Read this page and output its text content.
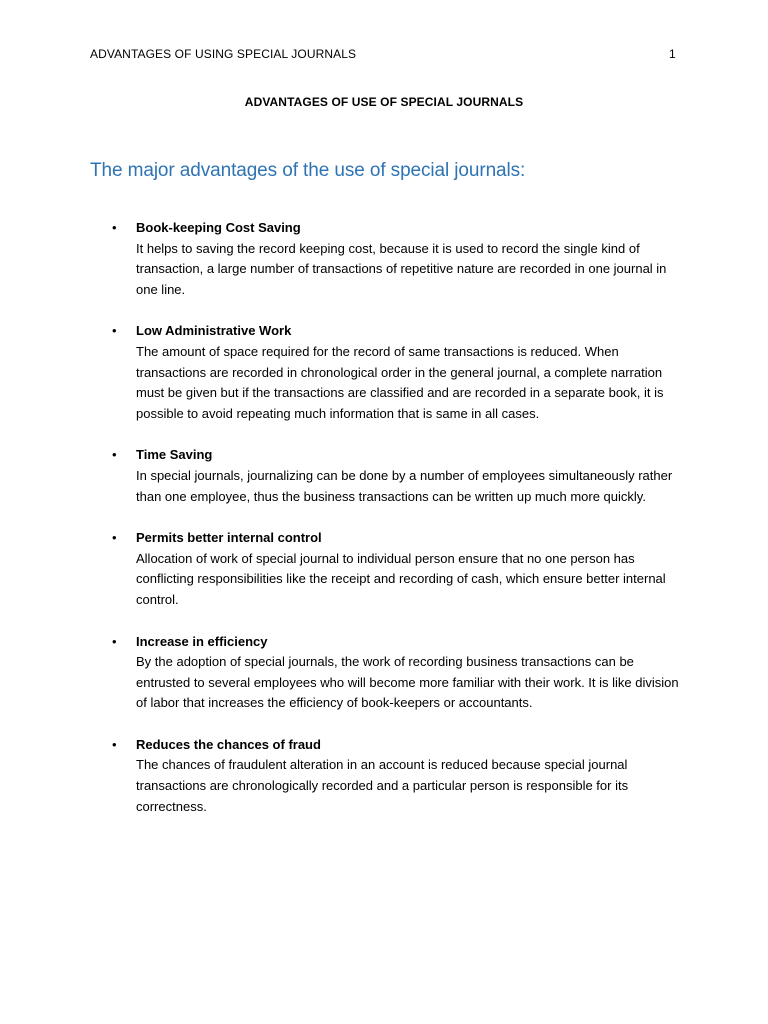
ADVANTAGES OF USING SPECIAL JOURNALS	1
ADVANTAGES OF USE OF SPECIAL JOURNALS
The major advantages of the use of special journals:
• Book-keeping Cost Saving
It helps to saving the record keeping cost, because it is used to record the single kind of transaction, a large number of transactions of repetitive nature are recorded in one journal in one line.
• Low Administrative Work
The amount of space required for the record of same transactions is reduced. When transactions are recorded in chronological order in the general journal, a complete narration must be given but if the transactions are classified and are recorded in a separate book, it is possible to avoid repeating much information that is same in all cases.
• Time Saving
In special journals, journalizing can be done by a number of employees simultaneously rather than one employee, thus the business transactions can be written up much more quickly.
• Permits better internal control
Allocation of work of special journal to individual person ensure that no one person has conflicting responsibilities like the receipt and recording of cash, which ensure better internal control.
• Increase in efficiency
By the adoption of special journals, the work of recording business transactions can be entrusted to several employees who will become more familiar with their work. It is like division of labor that increases the efficiency of book-keepers or accountants.
• Reduces the chances of fraud
The chances of fraudulent alteration in an account is reduced because special journal transactions are chronologically recorded and a particular person is responsible for its correctness.
